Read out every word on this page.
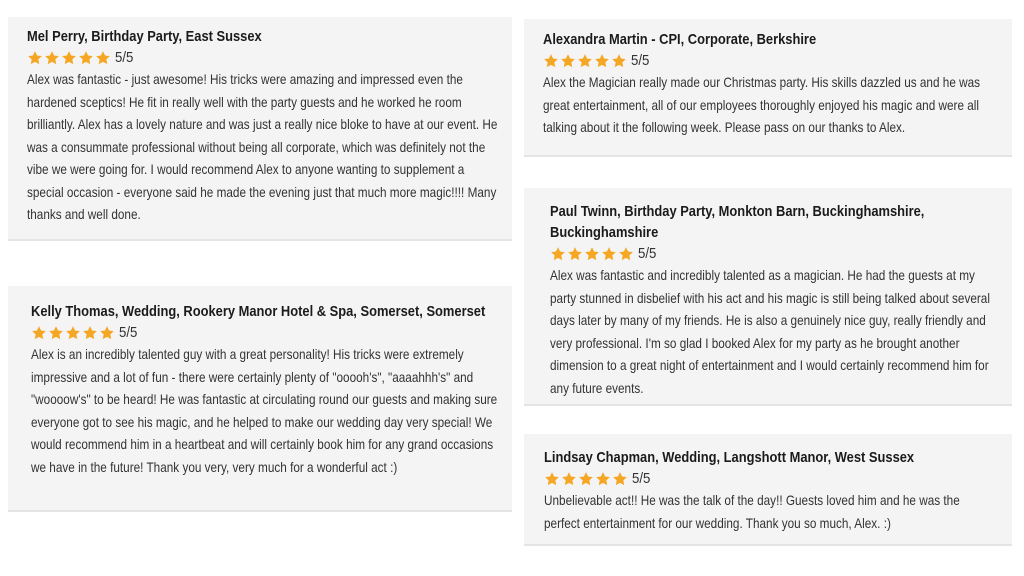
Mel Perry, Birthday Party, East Sussex

5/5

Alex was fantastic - just awesome! His tricks were amazing and impressed even the hardened sceptics! He fit in really well with the party guests and he worked he room brilliantly. Alex has a lovely nature and was just a really nice bloke to have at our event. He was a consummate professional without being all corporate, which was definitely not the vibe we were going for. I would recommend Alex to anyone wanting to supplement a special occasion - everyone said he made the evening just that much more magic!!!! Many thanks and well done.

Kelly Thomas, Wedding, Rookery Manor Hotel & Spa, Somerset, Somerset

5/5

Alex is an incredibly talented guy with a great personality! His tricks were extremely impressive and a lot of fun - there were certainly plenty of "ooooh's", "aaaahhh's" and "woooow's" to be heard! He was fantastic at circulating round our guests and making sure everyone got to see his magic, and he helped to make our wedding day very special! We would recommend him in a heartbeat and will certainly book him for any grand occasions we have in the future! Thank you very, very much for a wonderful act :)

Alexandra Martin - CPI, Corporate, Berkshire

5/5

Alex the Magician really made our Christmas party. His skills dazzled us and he was great entertainment, all of our employees thoroughly enjoyed his magic and were all talking about it the following week. Please pass on our thanks to Alex.

Paul Twinn, Birthday Party, Monkton Barn, Buckinghamshire, Buckinghamshire

5/5

Alex was fantastic and incredibly talented as a magician. He had the guests at my party stunned in disbelief with his act and his magic is still being talked about several days later by many of my friends. He is also a genuinely nice guy, really friendly and very professional. I'm so glad I booked Alex for my party as he brought another dimension to a great night of entertainment and I would certainly recommend him for any future events.

Lindsay Chapman, Wedding, Langshott Manor, West Sussex

5/5

Unbelievable act!! He was the talk of the day!! Guests loved him and he was the perfect entertainment for our wedding. Thank you so much, Alex. :)
